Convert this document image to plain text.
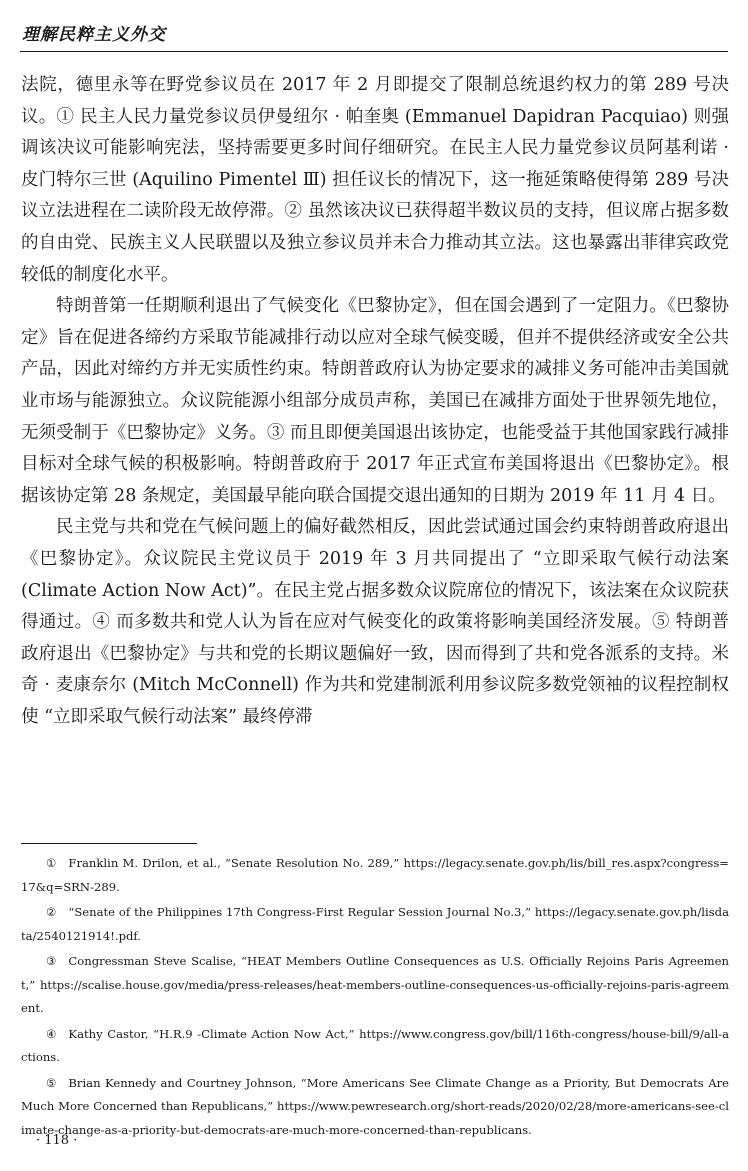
理解民粹主义外交

法院，德里永等在野党参议员在 2017 年 2 月即提交了限制总统退约权力的第 289 号决议。① 民主人民力量党参议员伊曼纽尔 · 帕奎奥 (Emmanuel Dapidran Pacquiao) 则强调该决议可能影响宪法，坚持需要更多时间仔细研究。在民主人民力量党参议员阿基利诺 · 皮门特尔三世 (Aquilino Pimentel Ⅲ) 担任议长的情况下，这一拖延策略使得第 289 号决议立法进程在二读阶段无故停滞。② 虽然该决议已获得超半数议员的支持，但议席占据多数的自由党、民族主义人民联盟以及独立参议员并未合力推动其立法。这也暴露出菲律宾政党较低的制度化水平。

特朗普第一任期顺利退出了气候变化《巴黎协定》，但在国会遇到了一定阻力。《巴黎协定》旨在促进各缔约方采取节能减排行动以应对全球气候变暖，但并不提供经济或安全公共产品，因此对缔约方并无实质性约束。特朗普政府认为协定要求的减排义务可能冲击美国就业市场与能源独立。众议院能源小组部分成员声称，美国已在减排方面处于世界领先地位，无须受制于《巴黎协定》义务。③ 而且即便美国退出该协定，也能受益于其他国家践行减排目标对全球气候的积极影响。特朗普政府于 2017 年正式宣布美国将退出《巴黎协定》。根据该协定第 28 条规定，美国最早能向联合国提交退出通知的日期为 2019 年 11 月 4 日。

民主党与共和党在气候问题上的偏好截然相反，因此尝试通过国会约束特朗普政府退出《巴黎协定》。众议院民主党议员于 2019 年 3 月共同提出了 “立即采取气候行动法案 (Climate Action Now Act)”。在民主党占据多数众议院席位的情况下，该法案在众议院获得通过。④ 而多数共和党人认为旨在应对气候变化的政策将影响美国经济发展。⑤ 特朗普政府退出《巴黎协定》与共和党的长期议题偏好一致，因而得到了共和党各派系的支持。米奇 · 麦康奈尔 (Mitch McConnell) 作为共和党建制派利用参议院多数党领袖的议程控制权使 “立即采取气候行动法案” 最终停滞

① Franklin M. Drilon, et al., “Senate Resolution No. 289,” https://legacy.senate.gov.ph/lis/bill_res.aspx?congress=17&q=SRN-289.

② “Senate of the Philippines 17th Congress-First Regular Session Journal No.3,” https://legacy.senate.gov.ph/lisdata/2540121914!.pdf.

③ Congressman Steve Scalise, “HEAT Members Outline Consequences as U.S. Officially Rejoins Paris Agreement,” https://scalise.house.gov/media/press-releases/heat-members-outline-consequences-us-officially-rejoins-paris-agreement.

④ Kathy Castor, “H.R.9 -Climate Action Now Act,” https://www.congress.gov/bill/116th-congress/house-bill/9/all-actions.

⑤ Brian Kennedy and Courtney Johnson, “More Americans See Climate Change as a Priority, But Democrats Are Much More Concerned than Republicans,” https://www.pewresearch.org/short-reads/2020/02/28/more-americans-see-climate-change-as-a-priority-but-democrats-are-much-more-concerned-than-republicans.

· 118 ·
